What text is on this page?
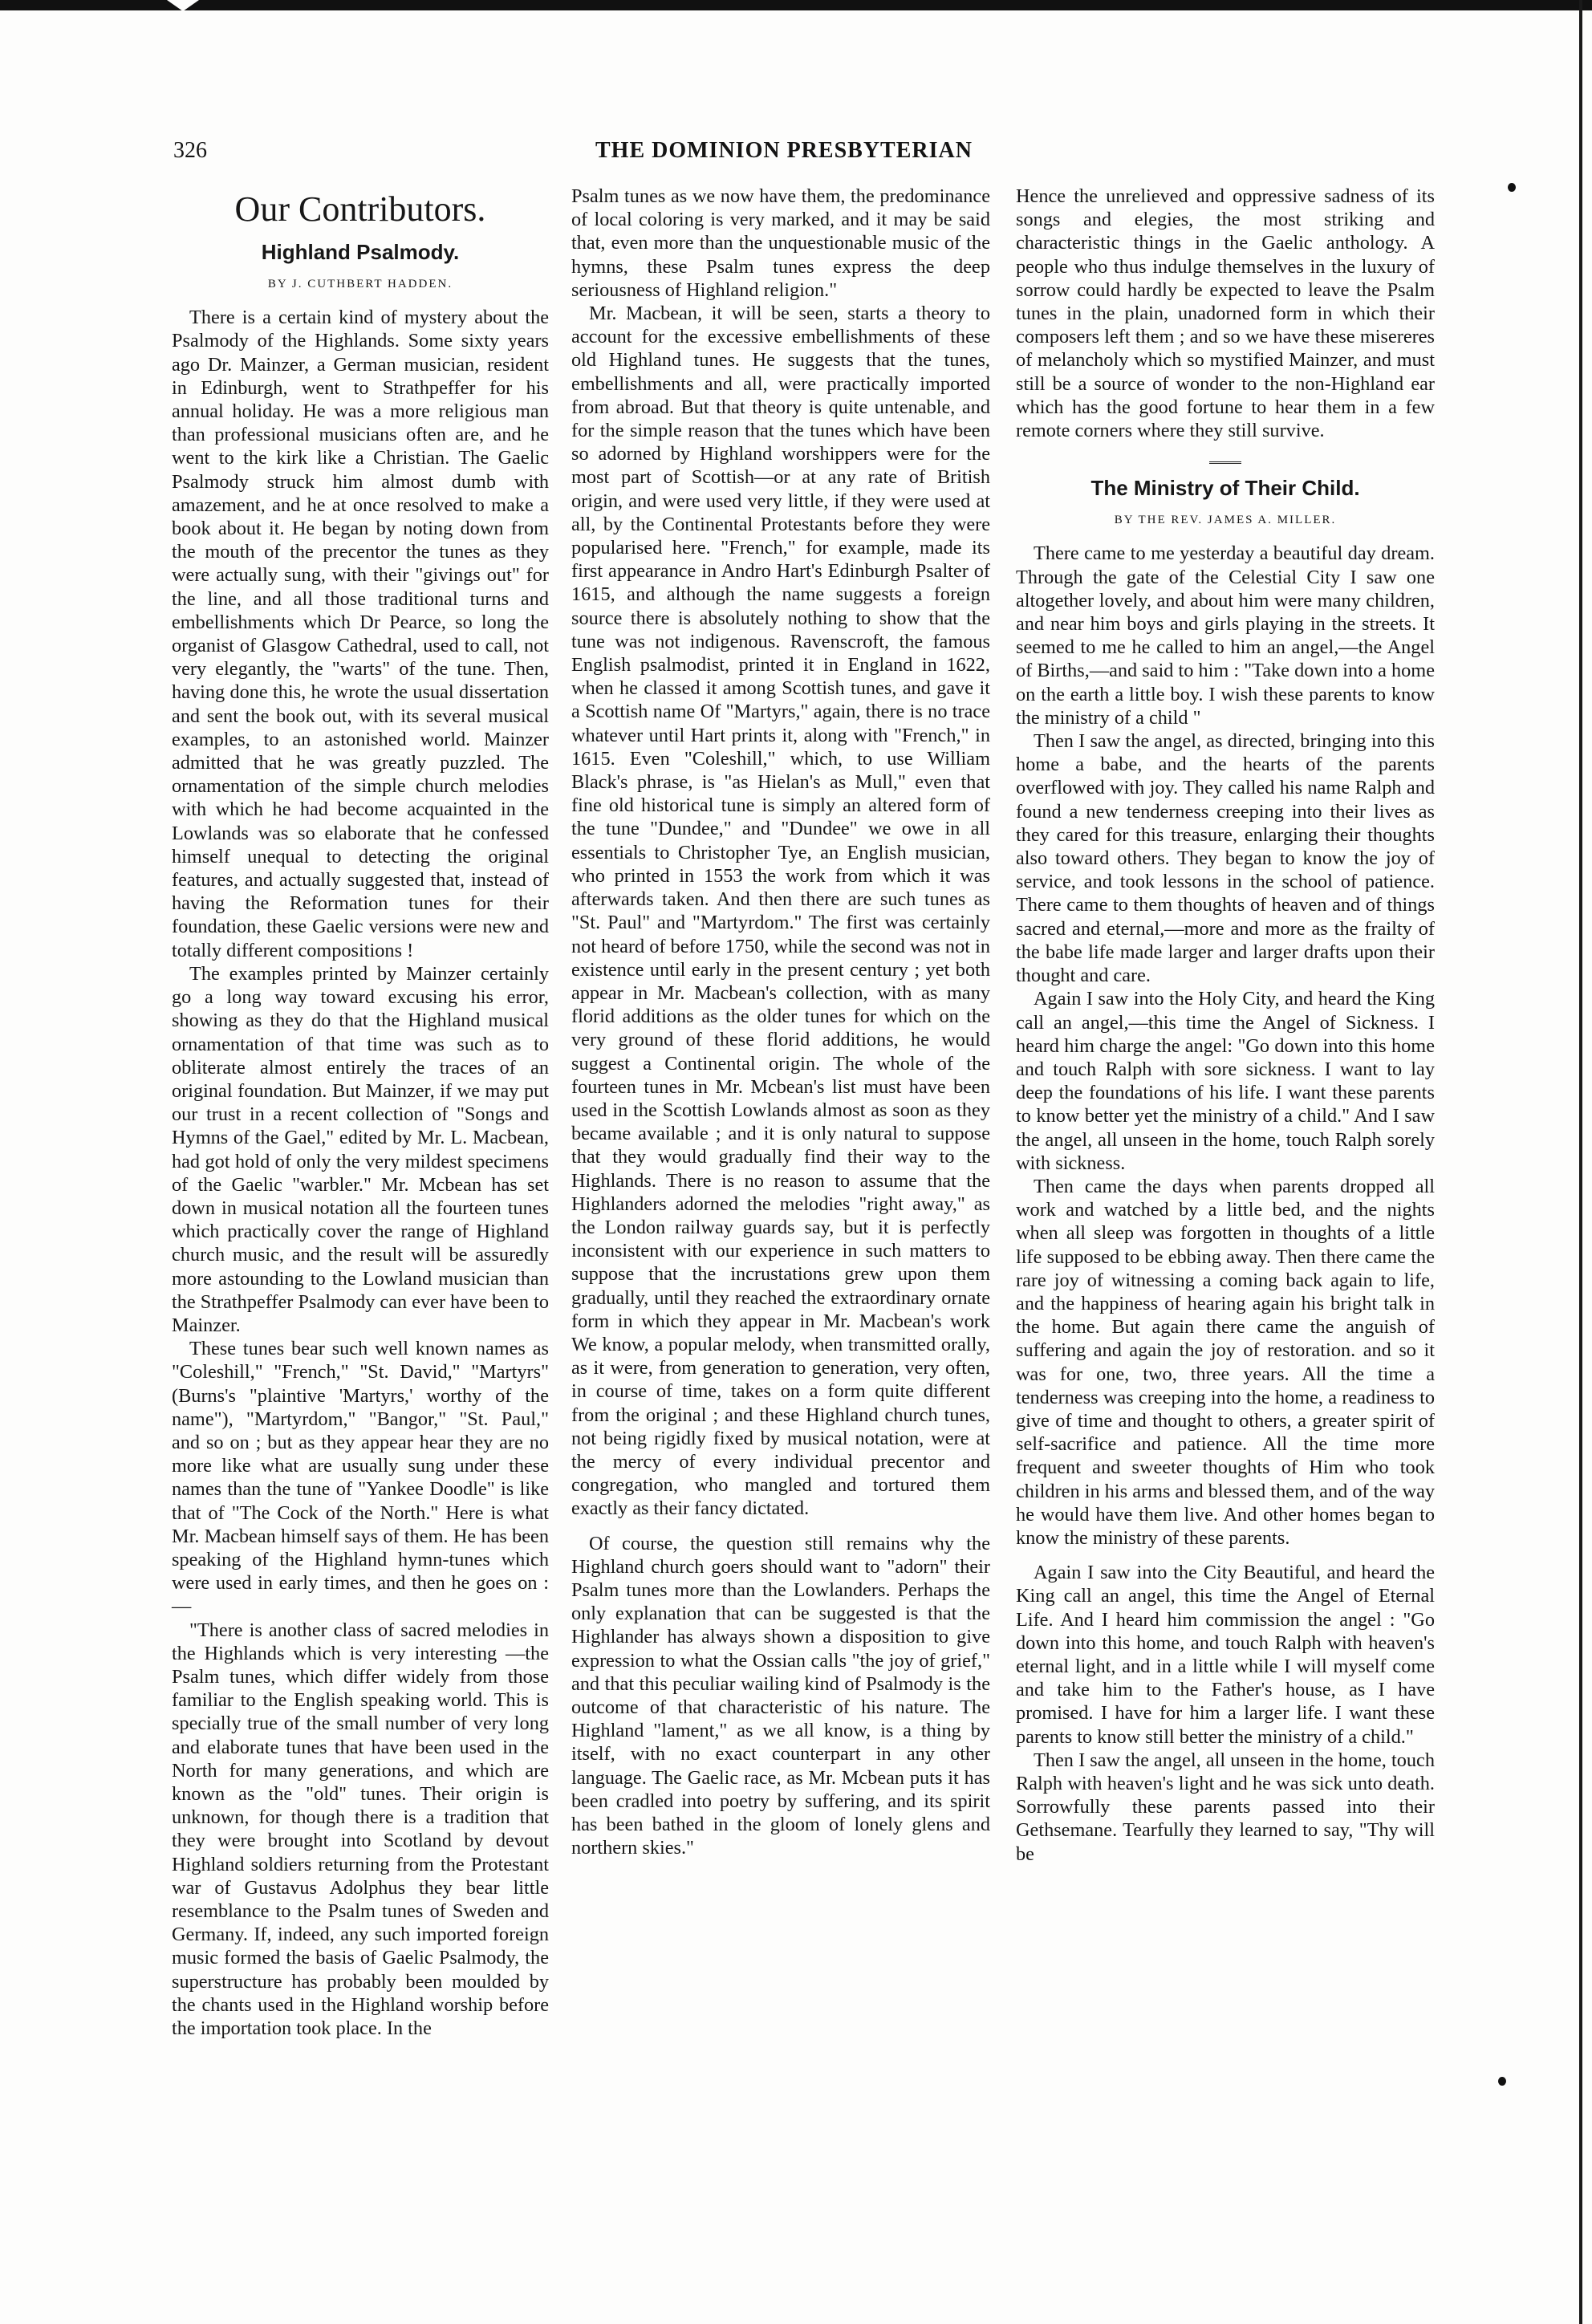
326	THE DOMINION PRESBYTERIAN
Our Contributors.
Highland Psalmody.
BY J. CUTHBERT HADDEN.

There is a certain kind of mystery about the Psalmody of the Highlands. Some sixty years ago Dr. Mainzer, a German musician, resident in Edinburgh, went to Strathpeffer for his annual holiday. He was a more religious man than professional musicians often are, and he went to the kirk like a Christian. The Gaelic Psalmody struck him almost dumb with amazement, and he at once resolved to make a book about it. He began by noting down from the mouth of the precentor the tunes as they were actually sung, with their "givings out" for the line, and all those traditional turns and embellishments which Dr Pearce, so long the organist of Glasgow Cathedral, used to call, not very elegantly, the "warts" of the tune. Then, having done this, he wrote the usual dissertation and sent the book out, with its several musical examples, to an astonished world. Mainzer admitted that he was greatly puzzled. The ornamentation of the simple church melodies with which he had become acquainted in the Lowlands was so elaborate that he confessed himself unequal to detecting the original features, and actually suggested that, instead of having the Reformation tunes for their foundation, these Gaelic versions were new and totally different compositions !

The examples printed by Mainzer certainly go a long way toward excusing his error, showing as they do that the Highland musical ornamentation of that time was such as to obliterate almost entirely the traces of an original foundation. But Mainzer, if we may put our trust in a recent collection of "Songs and Hymns of the Gael," edited by Mr. L. Macbean, had got hold of only the very mildest specimens of the Gaelic "warbler." Mr. Mcbean has set down in musical notation all the fourteen tunes which practically cover the range of Highland church music, and the result will be assuredly more astounding to the Lowland musician than the Strathpeffer Psalmody can ever have been to Mainzer.

These tunes bear such well known names as "Coleshill," "French," "St. David," "Martyrs" (Burns's "plaintive 'Martyrs,' worthy of the name"), "Martyrdom," "Bangor," "St. Paul," and so on ; but as they appear hear they are no more like what are usually sung under these names than the tune of "Yankee Doodle" is like that of "The Cock of the North." Here is what Mr. Macbean himself says of them. He has been speaking of the Highland hymn-tunes which were used in early times, and then he goes on :—

"There is another class of sacred melodies in the Highlands which is very interesting —the Psalm tunes, which differ widely from those familiar to the English speaking world. This is specially true of the small number of very long and elaborate tunes that have been used in the North for many generations, and which are known as the "old" tunes. Their origin is unknown, for though there is a tradition that they were brought into Scotland by devout Highland soldiers returning from the Protestant war of Gustavus Adolphus they bear little resemblance to the Psalm tunes of Sweden and Germany. If, indeed, any such imported foreign music formed the basis of Gaelic Psalmody, the superstructure has probably been moulded by the chants used in the Highland worship before the importation took place. In the

Psalm tunes as we now have them, the predominance of local coloring is very marked, and it may be said that, even more than the unquestionable music of the hymns, these Psalm tunes express the deep seriousness of Highland religion."

Mr. Macbean, it will be seen, starts a theory to account for the excessive embellishments of these old Highland tunes. He suggests that the tunes, embellishments and all, were practically imported from abroad. But that theory is quite untenable, and for the simple reason that the tunes which have been so adorned by Highland worshippers were for the most part of Scottish—or at any rate of British origin, and were used very little, if they were used at all, by the Continental Protestants before they were popularised here. "French," for example, made its first appearance in Andro Hart's Edinburgh Psalter of 1615, and although the name suggests a foreign source there is absolutely nothing to show that the tune was not indigenous. Ravenscroft, the famous English psalmodist, printed it in England in 1622, when he classed it among Scottish tunes, and gave it a Scottish name Of "Martyrs," again, there is no trace whatever until Hart prints it, along with "French," in 1615. Even "Coleshill," which, to use William Black's phrase, is "as Hielan's as Mull," even that fine old historical tune is simply an altered form of the tune "Dundee," and "Dundee" we owe in all essentials to Christopher Tye, an English musician, who printed in 1553 the work from which it was afterwards taken. And then there are such tunes as "St. Paul" and "Martyrdom." The first was certainly not heard of before 1750, while the second was not in existence until early in the present century ; yet both appear in Mr. Macbean's collection, with as many florid additions as the older tunes for which on the very ground of these florid additions, he would suggest a Continental origin. The whole of the fourteen tunes in Mr. Mcbean's list must have been used in the Scottish Lowlands almost as soon as they became available ; and it is only natural to suppose that they would gradually find their way to the Highlands. There is no reason to assume that the Highlanders adorned the melodies "right away," as the London railway guards say, but it is perfectly inconsistent with our experience in such matters to suppose that the incrustations grew upon them gradually, until they reached the extraordinary ornate form in which they appear in Mr. Macbean's work We know, a popular melody, when transmitted orally, as it were, from generation to generation, very often, in course of time, takes on a form quite different from the original ; and these Highland church tunes, not being rigidly fixed by musical notation, were at the mercy of every individual precentor and congregation, who mangled and tortured them exactly as their fancy dictated.

Of course, the question still remains why the Highland church goers should want to "adorn" their Psalm tunes more than the Lowlanders. Perhaps the only explanation that can be suggested is that the Highlander has always shown a disposition to give expression to what the Ossian calls "the joy of grief," and that this peculiar wailing kind of Psalmody is the outcome of that characteristic of his nature. The Highland "lament," as we all know, is a thing by itself, with no exact counterpart in any other language. The Gaelic race, as Mr. Mcbean puts it has been cradled into poetry by suffering, and its spirit has been bathed in the gloom of lonely glens and northern skies."

Hence the unrelieved and oppressive sadness of its songs and elegies, the most striking and characteristic things in the Gaelic anthology. A people who thus indulge themselves in the luxury of sorrow could hardly be expected to leave the Psalm tunes in the plain, unadorned form in which their composers left them ; and so we have these misereres of melancholy which so mystified Mainzer, and must still be a source of wonder to the non-Highland ear which has the good fortune to hear them in a few remote corners where they still survive.

The Ministry of Their Child.
BY THE REV. JAMES A. MILLER.

There came to me yesterday a beautiful day dream. Through the gate of the Celestial City I saw one altogether lovely, and about him were many children, and near him boys and girls playing in the streets. It seemed to me he called to him an angel,—the Angel of Births,—and said to him : "Take down into a home on the earth a little boy. I wish these parents to know the ministry of a child "

Then I saw the angel, as directed, bringing into this home a babe, and the hearts of the parents overflowed with joy. They called his name Ralph and found a new tenderness creeping into their lives as they cared for this treasure, enlarging their thoughts also toward others. They began to know the joy of service, and took lessons in the school of patience. There came to them thoughts of heaven and of things sacred and eternal,—more and more as the frailty of the babe life made larger and larger drafts upon their thought and care.

Again I saw into the Holy City, and heard the King call an angel,—this time the Angel of Sickness. I heard him charge the angel: "Go down into this home and touch Ralph with sore sickness. I want to lay deep the foundations of his life. I want these parents to know better yet the ministry of a child." And I saw the angel, all unseen in the home, touch Ralph sorely with sickness.

Then came the days when parents dropped all work and watched by a little bed, and the nights when all sleep was forgotten in thoughts of a little life supposed to be ebbing away. Then there came the rare joy of witnessing a coming back again to life, and the happiness of hearing again his bright talk in the home. But again there came the anguish of suffering and again the joy of restoration. and so it was for one, two, three years. All the time a tenderness was creeping into the home, a readiness to give of time and thought to others, a greater spirit of self-sacrifice and patience. All the time more frequent and sweeter thoughts of Him who took children in his arms and blessed them, and of the way he would have them live. And other homes began to know the ministry of these parents.

Again I saw into the City Beautiful, and heard the King call an angel, this time the Angel of Eternal Life. And I heard him commission the angel : "Go down into this home, and touch Ralph with heaven's eternal light, and in a little while I will myself come and take him to the Father's house, as I have promised. I have for him a larger life. I want these parents to know still better the ministry of a child."

Then I saw the angel, all unseen in the home, touch Ralph with heaven's light and he was sick unto death. Sorrowfully these parents passed into their Gethsemane. Tearfully they learned to say, "Thy will be
